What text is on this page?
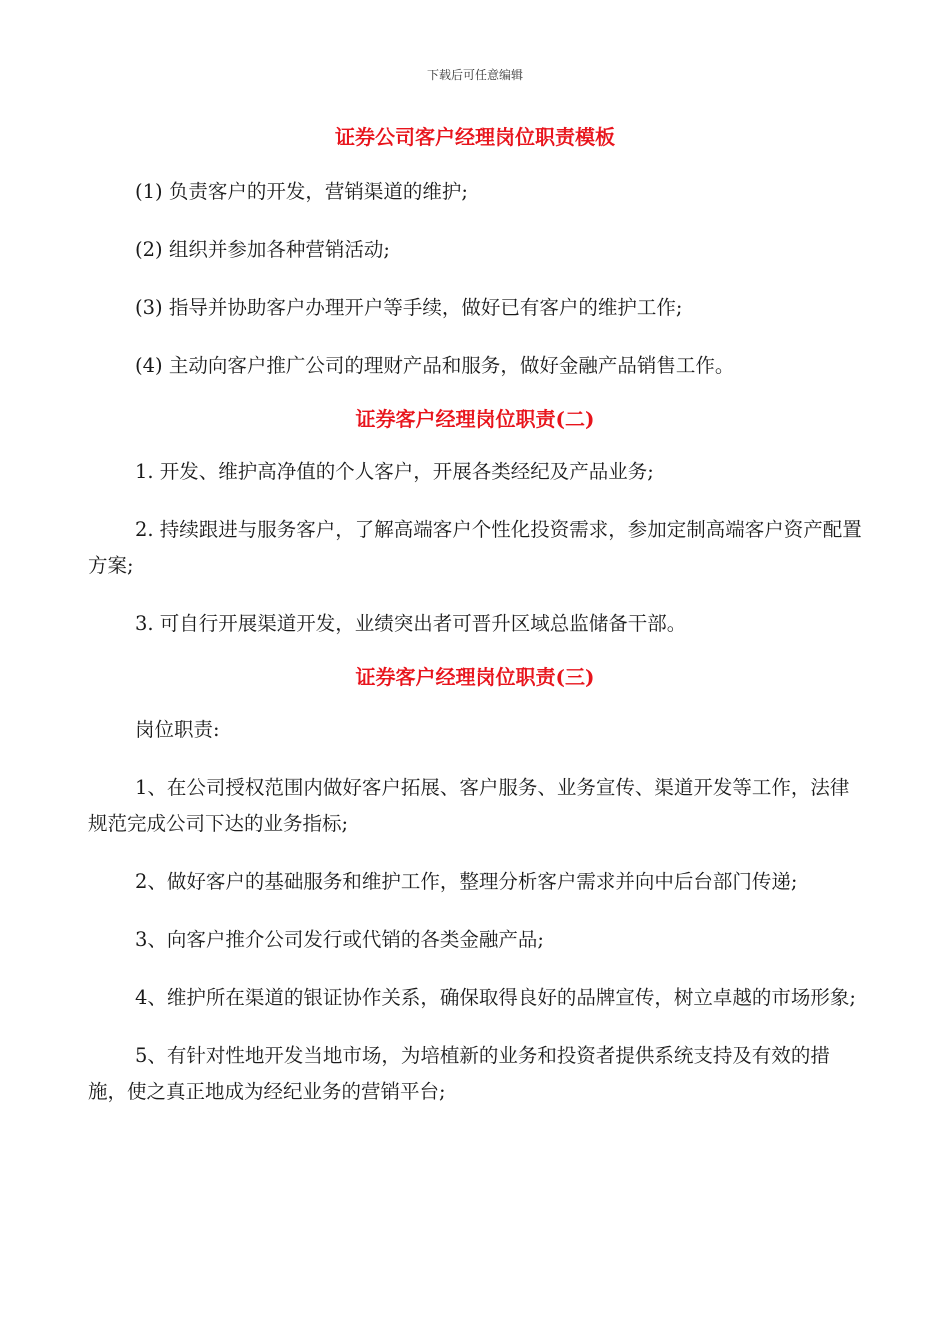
下载后可任意编辑
证券公司客户经理岗位职责模板

(1) 负责客户的开发，营销渠道的维护;

(2) 组织并参加各种营销活动;

(3) 指导并协助客户办理开户等手续，做好已有客户的维护工作;

(4) 主动向客户推广公司的理财产品和服务，做好金融产品销售工作。

证券客户经理岗位职责(二)

1. 开发、维护高净值的个人客户，开展各类经纪及产品业务;

2. 持续跟进与服务客户，了解高端客户个性化投资需求，参加定制高端客户资产配置方案;

3. 可自行开展渠道开发，业绩突出者可晋升区域总监储备干部。

证券客户经理岗位职责(三)

岗位职责:

1、在公司授权范围内做好客户拓展、客户服务、业务宣传、渠道开发等工作，法律规范完成公司下达的业务指标;

2、做好客户的基础服务和维护工作，整理分析客户需求并向中后台部门传递;

3、向客户推介公司发行或代销的各类金融产品;

4、维护所在渠道的银证协作关系，确保取得良好的品牌宣传，树立卓越的市场形象;

5、有针对性地开发当地市场，为培植新的业务和投资者提供系统支持及有效的措施，使之真正地成为经纪业务的营销平台;
